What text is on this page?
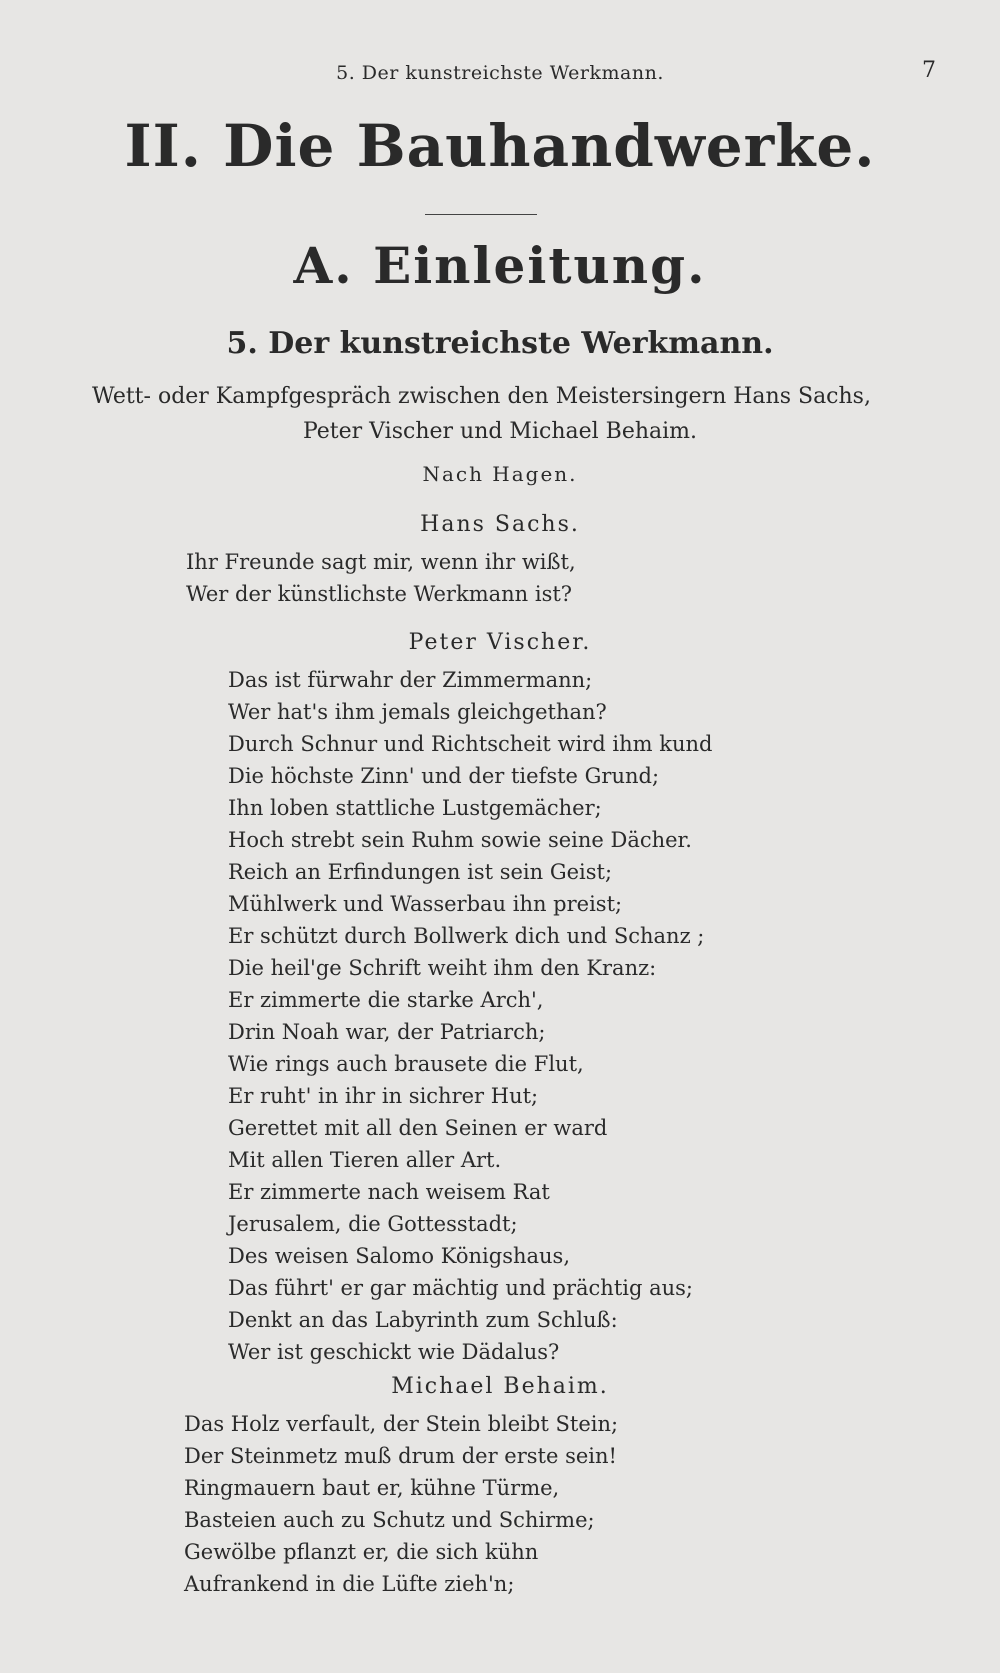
5. Der kunstreichste Werkmann.	7
II. Die Bauhandwerke.
A. Einleitung.
5. Der kunstreichste Werkmann.
Wett- oder Kampfgespräch zwischen den Meistersingern Hans Sachs,
Peter Vischer und Michael Behaim.
Nach Hagen.
Hans Sachs.
Ihr Freunde sagt mir, wenn ihr wißt,
Wer der künstlichste Werkmann ist?
Peter Vischer.
Das ist fürwahr der Zimmermann;
Wer hat's ihm jemals gleichgethan?
Durch Schnur und Richtscheit wird ihm kund
Die höchste Zinn' und der tiefste Grund;
Ihn loben stattliche Lustgemächer;
Hoch strebt sein Ruhm sowie seine Dächer.
Reich an Erfindungen ist sein Geist;
Mühlwerk und Wasserbau ihn preist;
Er schützt durch Bollwerk dich und Schanz ;
Die heil'ge Schrift weiht ihm den Kranz:
Er zimmerte die starke Arch',
Drin Noah war, der Patriarch;
Wie rings auch brausete die Flut,
Er ruht' in ihr in sichrer Hut;
Gerettet mit all den Seinen er ward
Mit allen Tieren aller Art.
Er zimmerte nach weisem Rat
Jerusalem, die Gottesstadt;
Des weisen Salomo Königshaus,
Das führt' er gar mächtig und prächtig aus;
Denkt an das Labyrinth zum Schluß:
Wer ist geschickt wie Dädalus?
Michael Behaim.
Das Holz verfault, der Stein bleibt Stein;
Der Steinmetz muß drum der erste sein!
Ringmauern baut er, kühne Türme,
Basteien auch zu Schutz und Schirme;
Gewölbe pflanzt er, die sich kühn
Aufrankend in die Lüfte zieh'n;
